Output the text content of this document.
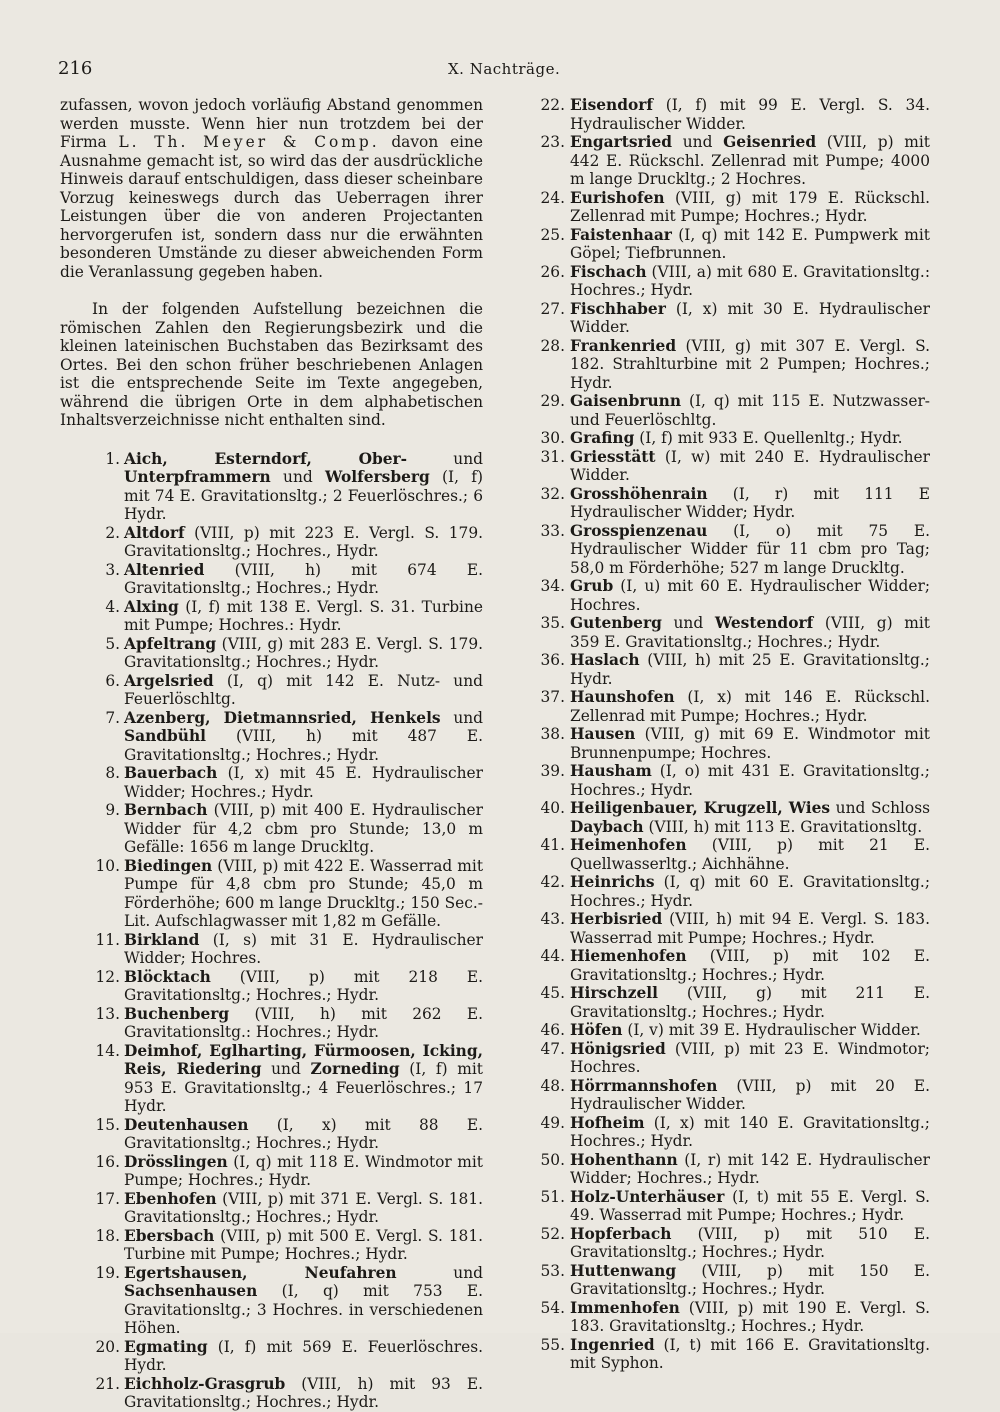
216	X. Nachträge.

zufassen, wovon jedoch vorläufig Abstand genommen werden musste. Wenn hier nun trotzdem bei der Firma L. Th. Meyer & Comp. davon eine Ausnahme gemacht ist, so wird das der ausdrückliche Hinweis darauf entschuldigen, dass dieser scheinbare Vorzug keineswegs durch das Ueberragen ihrer Leistungen über die von anderen Projectanten hervorgerufen ist, sondern dass nur die erwähnten besonderen Umstände zu dieser abweichenden Form die Veranlassung gegeben haben.

In der folgenden Aufstellung bezeichnen die römischen Zahlen den Regierungsbezirk und die kleinen lateinischen Buchstaben das Bezirksamt des Ortes. Bei den schon früher beschriebenen Anlagen ist die entsprechende Seite im Texte angegeben, während die übrigen Orte in dem alphabetischen Inhaltsverzeichnisse nicht enthalten sind.

1. Aich, Esterndorf, Ober- und Unterpframmern und Wolfersberg (I, f) mit 74 E. Gravitationsltg.; 2 Feuerlöschres.; 6 Hydr.
2. Altdorf (VIII, p) mit 223 E. Vergl. S. 179. Gravitationsltg.; Hochres., Hydr.
3. Altenried (VIII, h) mit 674 E. Gravitationsltg.; Hochres.; Hydr.
4. Alxing (I, f) mit 138 E. Vergl. S. 31. Turbine mit Pumpe; Hochres.: Hydr.
5. Apfeltrang (VIII, g) mit 283 E. Vergl. S. 179. Gravitationsltg.; Hochres.; Hydr.
6. Argelsried (I, q) mit 142 E. Nutz- und Feuerlöschltg.
7. Azenberg, Dietmannsried, Henkels und Sandbühl (VIII, h) mit 487 E. Gravitationsltg.; Hochres.; Hydr.
8. Bauerbach (I, x) mit 45 E. Hydraulischer Widder; Hochres.; Hydr.
9. Bernbach (VIII, p) mit 400 E. Hydraulischer Widder für 4,2 cbm pro Stunde; 13,0 m Gefälle: 1656 m lange Druckltg.
10. Biedingen (VIII, p) mit 422 E. Wasserrad mit Pumpe für 4,8 cbm pro Stunde; 45,0 m Förderhöhe; 600 m lange Druckltg.; 150 Sec.-Lit. Aufschlagwasser mit 1,82 m Gefälle.
11. Birkland (I, s) mit 31 E. Hydraulischer Widder; Hochres.
12. Blöcktach (VIII, p) mit 218 E. Gravitationsltg.; Hochres.; Hydr.
13. Buchenberg (VIII, h) mit 262 E. Gravitationsltg.: Hochres.; Hydr.
14. Deimhof, Eglharting, Fürmoosen, Icking, Reis, Riedering und Zorneding (I, f) mit 953 E. Gravitationsltg.; 4 Feuerlöschres.; 17 Hydr.
15. Deutenhausen (I, x) mit 88 E. Gravitationsltg.; Hochres.; Hydr.
16. Drösslingen (I, q) mit 118 E. Windmotor mit Pumpe; Hochres.; Hydr.
17. Ebenhofen (VIII, p) mit 371 E. Vergl. S. 181. Gravitationsltg.; Hochres.; Hydr.
18. Ebersbach (VIII, p) mit 500 E. Vergl. S. 181. Turbine mit Pumpe; Hochres.; Hydr.
19. Egertshausen, Neufahren und Sachsenhausen (I, q) mit 753 E. Gravitationsltg.; 3 Hochres. in verschiedenen Höhen.
20. Egmating (I, f) mit 569 E. Feuerlöschres. Hydr.
21. Eichholz-Grasgrub (VIII, h) mit 93 E. Gravitationsltg.; Hochres.; Hydr.
22. Eisendorf (I, f) mit 99 E. Vergl. S. 34. Hydraulischer Widder.
23. Engartsried und Geisenried (VIII, p) mit 442 E. Rückschl. Zellenrad mit Pumpe; 4000 m lange Druckltg.; 2 Hochres.
24. Eurishofen (VIII, g) mit 179 E. Rückschl. Zellenrad mit Pumpe; Hochres.; Hydr.
25. Faistenhaar (I, q) mit 142 E. Pumpwerk mit Göpel; Tiefbrunnen.
26. Fischach (VIII, a) mit 680 E. Gravitationsltg.: Hochres.; Hydr.
27. Fischhaber (I, x) mit 30 E. Hydraulischer Widder.
28. Frankenried (VIII, g) mit 307 E. Vergl. S. 182. Strahlturbine mit 2 Pumpen; Hochres.; Hydr.
29. Gaisenbrunn (I, q) mit 115 E. Nutzwasser- und Feuerlöschltg.
30. Grafing (I, f) mit 933 E. Quellenltg.; Hydr.
31. Griesstätt (I, w) mit 240 E. Hydraulischer Widder.
32. Grosshöhenrain (I, r) mit 111 E Hydraulischer Widder; Hydr.
33. Grosspienzenau (I, o) mit 75 E. Hydraulischer Widder für 11 cbm pro Tag; 58,0 m Förderhöhe; 527 m lange Druckltg.
34. Grub (I, u) mit 60 E. Hydraulischer Widder; Hochres.
35. Gutenberg und Westendorf (VIII, g) mit 359 E. Gravitationsltg.; Hochres.; Hydr.
36. Haslach (VIII, h) mit 25 E. Gravitationsltg.; Hydr.
37. Haunshofen (I, x) mit 146 E. Rückschl. Zellenrad mit Pumpe; Hochres.; Hydr.
38. Hausen (VIII, g) mit 69 E. Windmotor mit Brunnenpumpe; Hochres.
39. Hausham (I, o) mit 431 E. Gravitationsltg.; Hochres.; Hydr.
40. Heiligenbauer, Krugzell, Wies und Schloss Daybach (VIII, h) mit 113 E. Gravitationsltg.
41. Heimenhofen (VIII, p) mit 21 E. Quellwasserltg.; Aichhähne.
42. Heinrichs (I, q) mit 60 E. Gravitationsltg.; Hochres.; Hydr.
43. Herbisried (VIII, h) mit 94 E. Vergl. S. 183. Wasserrad mit Pumpe; Hochres.; Hydr.
44. Hiemenhofen (VIII, p) mit 102 E. Gravitationsltg.; Hochres.; Hydr.
45. Hirschzell (VIII, g) mit 211 E. Gravitationsltg.; Hochres.; Hydr.
46. Höfen (I, v) mit 39 E. Hydraulischer Widder.
47. Hönigsried (VIII, p) mit 23 E. Windmotor; Hochres.
48. Hörrmannshofen (VIII, p) mit 20 E. Hydraulischer Widder.
49. Hofheim (I, x) mit 140 E. Gravitationsltg.; Hochres.; Hydr.
50. Hohenthann (I, r) mit 142 E. Hydraulischer Widder; Hochres.; Hydr.
51. Holz-Unterhäuser (I, t) mit 55 E. Vergl. S. 49. Wasserrad mit Pumpe; Hochres.; Hydr.
52. Hopferbach (VIII, p) mit 510 E. Gravitationsltg.; Hochres.; Hydr.
53. Huttenwang (VIII, p) mit 150 E. Gravitationsltg.; Hochres.; Hydr.
54. Immenhofen (VIII, p) mit 190 E. Vergl. S. 183. Gravitationsltg.; Hochres.; Hydr.
55. Ingenried (I, t) mit 166 E. Gravitationsltg. mit Syphon.
